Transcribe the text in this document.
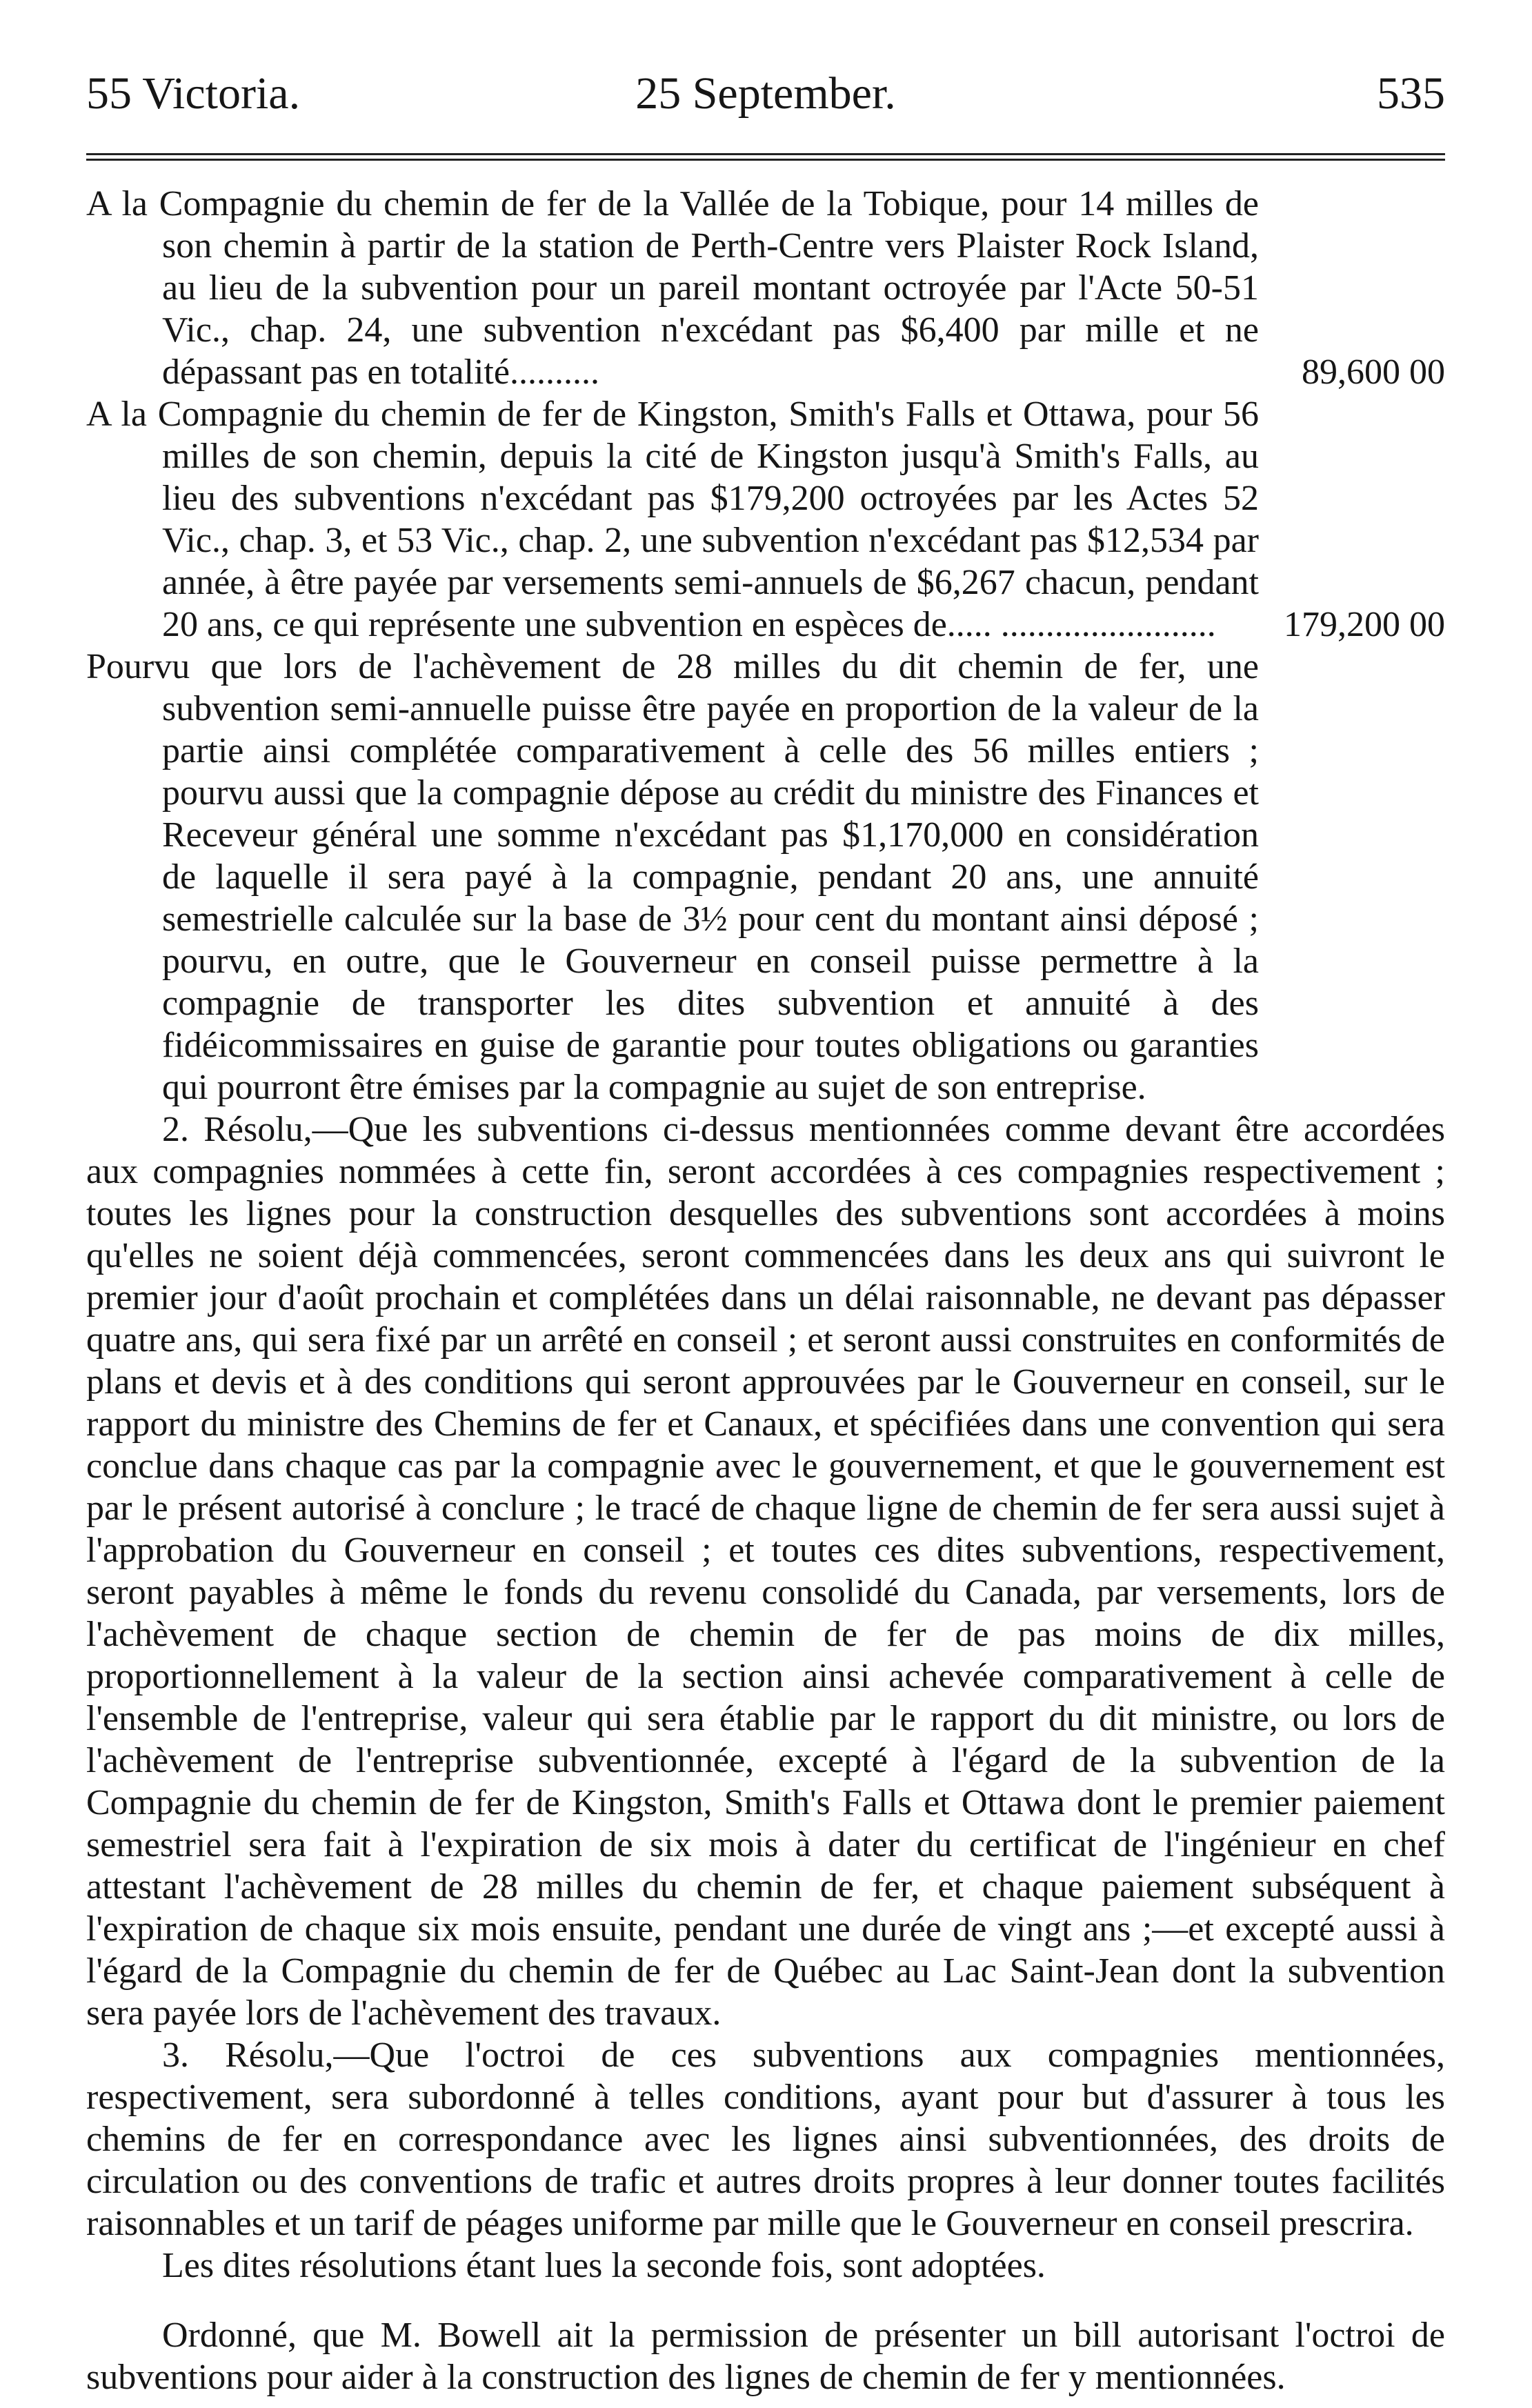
25 September.
55 Victoria.	535

A la Compagnie du chemin de fer de la Vallée de la Tobique, pour 14 milles de son chemin à partir de la station de Perth-Centre vers Plaister Rock Island, au lieu de la subvention pour un pareil montant octroyée par l'Acte 50-51 Vic., chap. 24, une subvention n'excédant pas $6,400 par mille et ne dépassant pas en totalité..........	89,600 00

A la Compagnie du chemin de fer de Kingston, Smith's Falls et Ottawa, pour 56 milles de son chemin, depuis la cité de Kingston jusqu'à Smith's Falls, au lieu des subventions n'excédant pas $179,200 octroyées par les Actes 52 Vic., chap. 3, et 53 Vic., chap. 2, une subvention n'excédant pas $12,534 par année, à être payée par versements semi-annuels de $6,267 chacun, pendant 20 ans, ce qui représente une subvention en espèces de..... ........................	179,200 00

Pourvu que lors de l'achèvement de 28 milles du dit chemin de fer, une subvention semi-annuelle puisse être payée en proportion de la valeur de la partie ainsi complétée comparativement à celle des 56 milles entiers ; pourvu aussi que la compagnie dépose au crédit du ministre des Finances et Receveur général une somme n'excédant pas $1,170,000 en considération de laquelle il sera payé à la compagnie, pendant 20 ans, une annuité semestrielle calculée sur la base de 3½ pour cent du montant ainsi déposé ; pourvu, en outre, que le Gouverneur en conseil puisse permettre à la compagnie de transporter les dites subvention et annuité à des fidéicommissaires en guise de garantie pour toutes obligations ou garanties qui pourront être émises par la compagnie au sujet de son entreprise.

2. Résolu,—Que les subventions ci-dessus mentionnées comme devant être accordées aux compagnies nommées à cette fin, seront accordées à ces compagnies respectivement ; toutes les lignes pour la construction desquelles des subventions sont accordées à moins qu'elles ne soient déjà commencées, seront commencées dans les deux ans qui suivront le premier jour d'août prochain et complétées dans un délai raisonnable, ne devant pas dépasser quatre ans, qui sera fixé par un arrêté en conseil ; et seront aussi construites en conformités de plans et devis et à des conditions qui seront approuvées par le Gouverneur en conseil, sur le rapport du ministre des Chemins de fer et Canaux, et spécifiées dans une convention qui sera conclue dans chaque cas par la compagnie avec le gouvernement, et que le gouvernement est par le présent autorisé à conclure ; le tracé de chaque ligne de chemin de fer sera aussi sujet à l'approbation du Gouverneur en conseil ; et toutes ces dites subventions, respectivement, seront payables à même le fonds du revenu consolidé du Canada, par versements, lors de l'achèvement de chaque section de chemin de fer de pas moins de dix milles, proportionnellement à la valeur de la section ainsi achevée comparativement à celle de l'ensemble de l'entreprise, valeur qui sera établie par le rapport du dit ministre, ou lors de l'achèvement de l'entreprise subventionnée, excepté à l'égard de la subvention de la Compagnie du chemin de fer de Kingston, Smith's Falls et Ottawa dont le premier paiement semestriel sera fait à l'expiration de six mois à dater du certificat de l'ingénieur en chef attestant l'achèvement de 28 milles du chemin de fer, et chaque paiement subséquent à l'expiration de chaque six mois ensuite, pendant une durée de vingt ans ;—et excepté aussi à l'égard de la Compagnie du chemin de fer de Québec au Lac Saint-Jean dont la subvention sera payée lors de l'achèvement des travaux.

3. Résolu,—Que l'octroi de ces subventions aux compagnies mentionnées, respectivement, sera subordonné à telles conditions, ayant pour but d'assurer à tous les chemins de fer en correspondance avec les lignes ainsi subventionnées, des droits de circulation ou des conventions de trafic et autres droits propres à leur donner toutes facilités raisonnables et un tarif de péages uniforme par mille que le Gouverneur en conseil prescrira.

Les dites résolutions étant lues la seconde fois, sont adoptées.

Ordonné, que M. Bowell ait la permission de présenter un bill autorisant l'octroi de subventions pour aider à la construction des lignes de chemin de fer y mentionnées.
